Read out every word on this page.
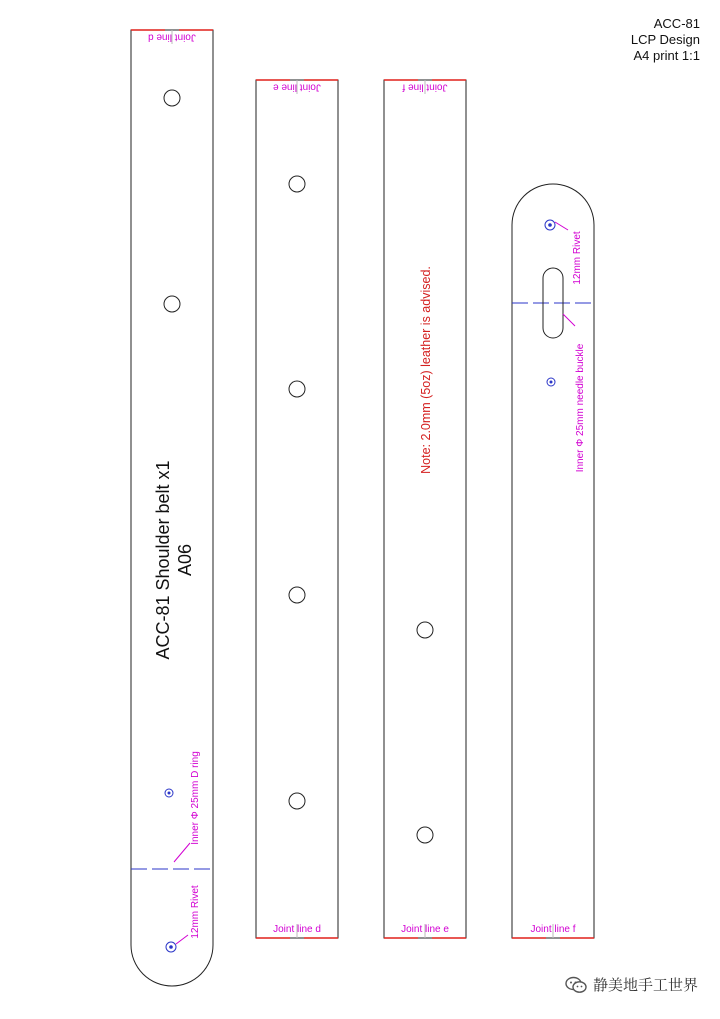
Joint line d
ACC-81 Shoulder belt x1 A06
Inner Φ 25mm D ring
12mm Rivet
Joint line e
Joint line d
Joint line f
Joint line e
Note: 2.0mm (5oz) leather is advised.
12mm Rivet
Inner Φ 25mm needle buckle
Joint line f
ACC-81
LCP Design
A4 print 1:1
静美地手工世界
